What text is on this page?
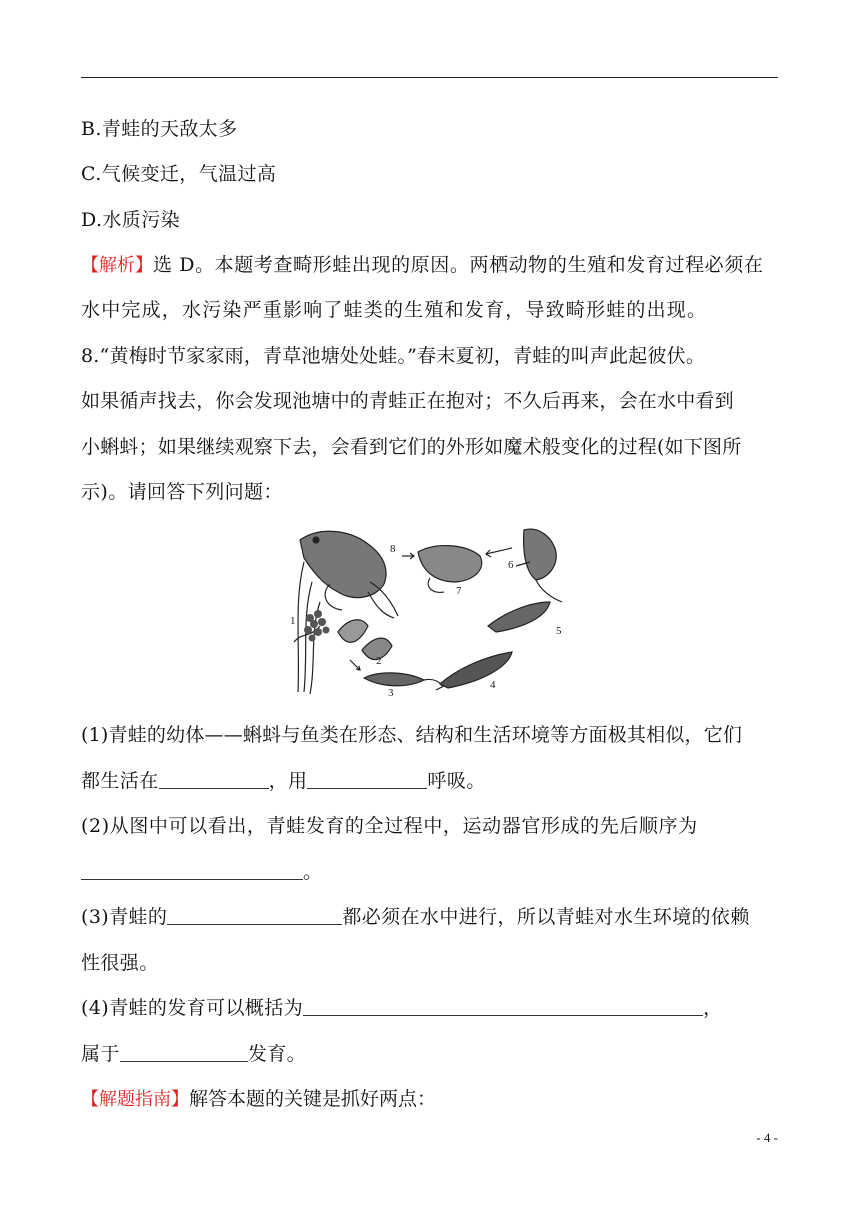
B.青蛙的天敌太多
C.气候变迁，气温过高
D.水质污染
【解析】选 D。本题考查畸形蛙出现的原因。两栖动物的生殖和发育过程必须在
水中完成，水污染严重影响了蛙类的生殖和发育，导致畸形蛙的出现。
8.“黄梅时节家家雨，青草池塘处处蛙。”春末夏初，青蛙的叫声此起彼伏。
如果循声找去，你会发现池塘中的青蛙正在抱对；不久后再来，会在水中看到
小蝌蚪；如果继续观察下去，会看到它们的外形如魔术般变化的过程(如下图所
示)。请回答下列问题：
1
2
3
4
5
6
7
8
(1)青蛙的幼体——蝌蚪与鱼类在形态、结构和生活环境等方面极其相似，它们
都生活在	，用	呼吸。
(2)从图中可以看出，青蛙发育的全过程中，运动器官形成的先后顺序为
。
(3)青蛙的	都必须在水中进行，所以青蛙对水生环境的依赖
性很强。
(4)青蛙的发育可以概括为	，
属于	发育。
【解题指南】解答本题的关键是抓好两点：
- 4 -
